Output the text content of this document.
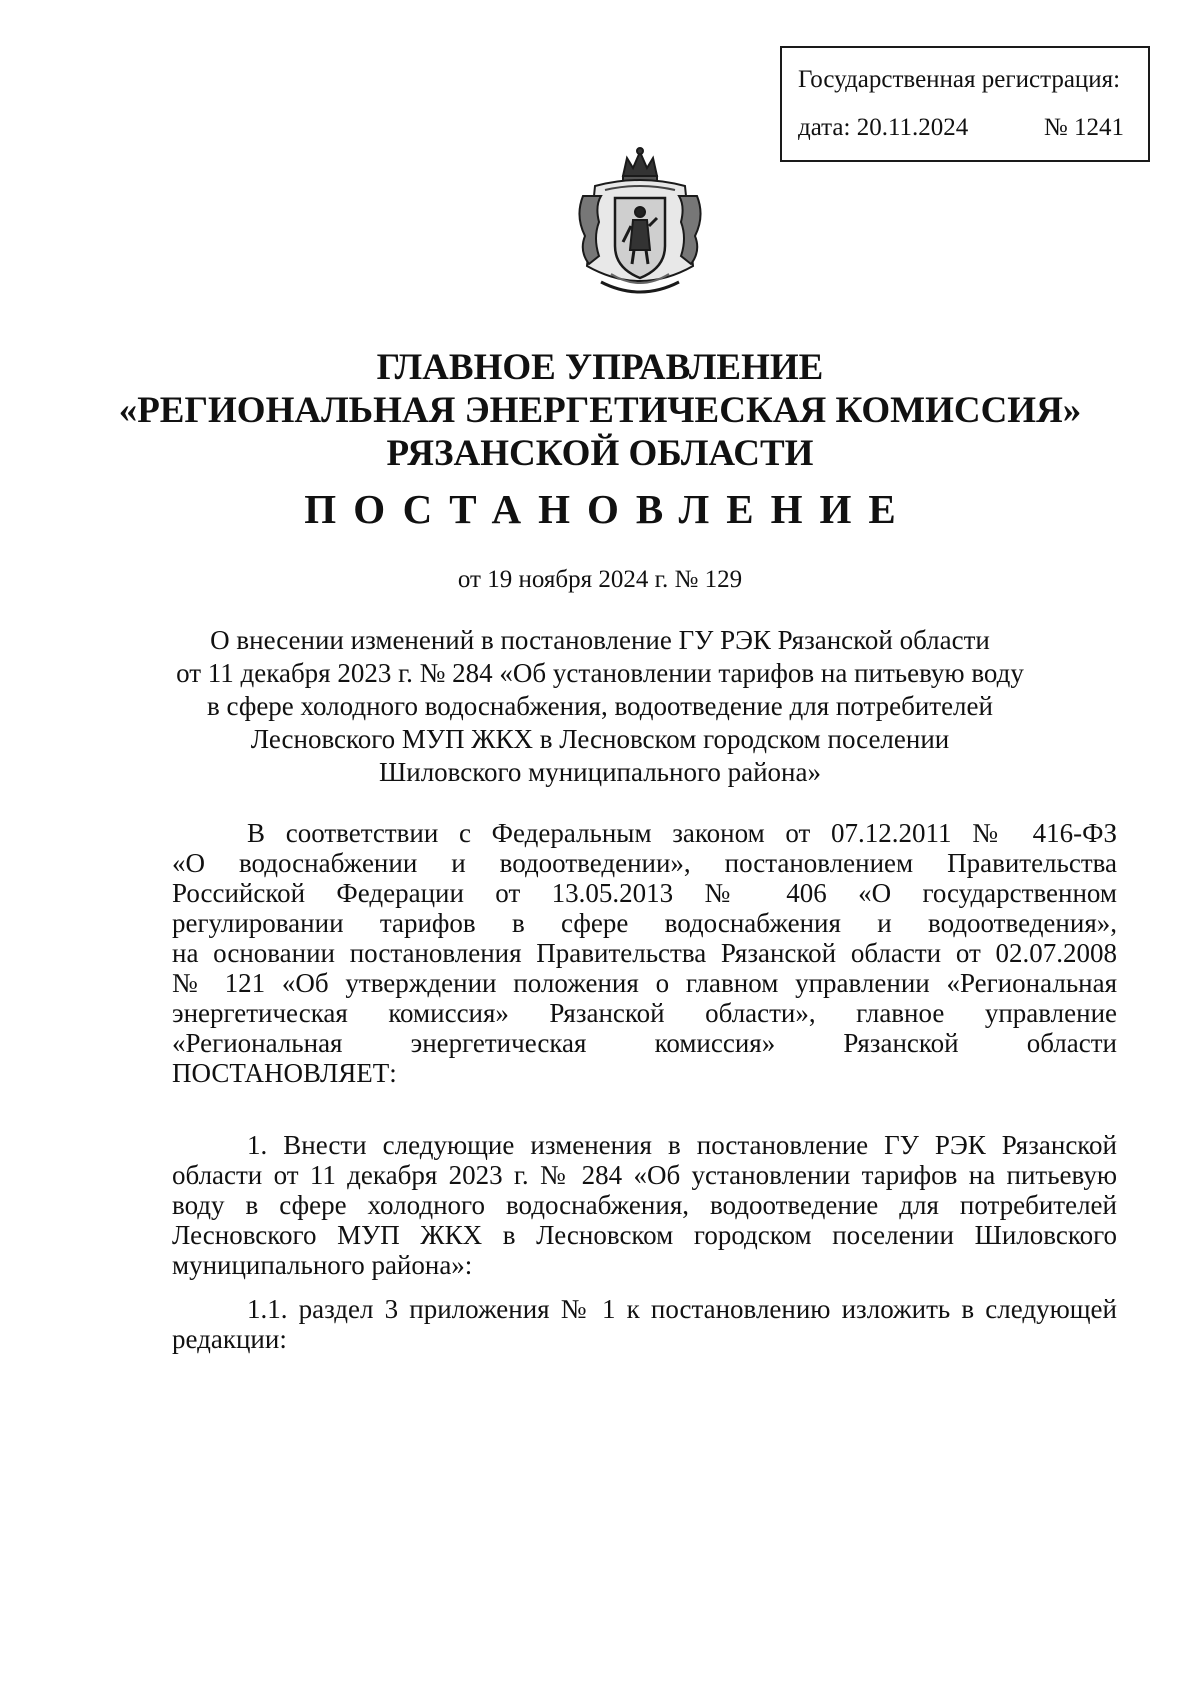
Государственная регистрация:
дата: 20.11.2024	№ 1241
ГЛАВНОЕ УПРАВЛЕНИЕ
«РЕГИОНАЛЬНАЯ ЭНЕРГЕТИЧЕСКАЯ КОМИССИЯ»
РЯЗАНСКОЙ ОБЛАСТИ
ПОСТАНОВЛЕНИЕ
от 19 ноября 2024 г. № 129
О внесении изменений в постановление ГУ РЭК Рязанской области
от 11 декабря 2023 г. № 284 «Об установлении тарифов на питьевую воду
в сфере холодного водоснабжения, водоотведение для потребителей
Лесновского МУП ЖКХ в Лесновском городском поселении
Шиловского муниципального района»
В соответствии с Федеральным законом от 07.12.2011 № 416-ФЗ
«О водоснабжении и водоотведении», постановлением Правительства
Российской Федерации от 13.05.2013 № 406 «О государственном
регулировании тарифов в сфере водоснабжения и водоотведения»,
на основании постановления Правительства Рязанской области от 02.07.2008
№ 121 «Об утверждении положения о главном управлении «Региональная
энергетическая комиссия» Рязанской области», главное управление
«Региональная энергетическая комиссия» Рязанской области
ПОСТАНОВЛЯЕТ:
1. Внести следующие изменения в постановление ГУ РЭК Рязанской
области от 11 декабря 2023 г. № 284 «Об установлении тарифов на питьевую
воду в сфере холодного водоснабжения, водоотведение для потребителей
Лесновского МУП ЖКХ в Лесновском городском поселении Шиловского
муниципального района»:
1.1. раздел 3 приложения № 1 к постановлению изложить в следующей
редакции:
